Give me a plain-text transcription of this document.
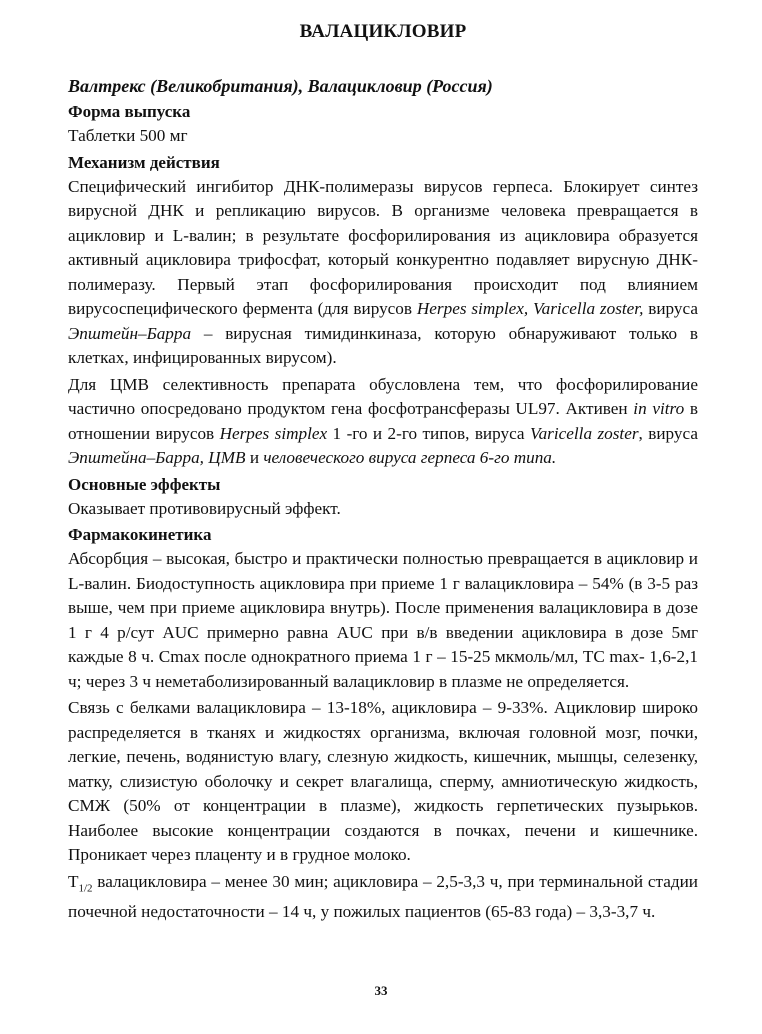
ВАЛАЦИКЛОВИР
Валтрекс (Великобритания), Валацикловир (Россия)
Форма выпуска

Таблетки 500 мг

Механизм действия

Специфический ингибитор ДНК-полимеразы вирусов герпеса. Блокирует синтез вирусной ДНК и репликацию вирусов. В организме человека превращается в ацикловир и L-валин; в результате фосфорилирования из ацикловира образуется активный ацикловира трифосфат, который конкурентно подавляет вирусную ДНК-полимеразу. Первый этап фосфорилирования происходит под влиянием вирусоспецифического фермента (для вирусов Herpes simplex, Varicella zoster, вируса Эпштейн–Барра – вирусная тимидинкиназа, которую обнаруживают только в клетках, инфицированных вирусом).

Для ЦМВ селективность препарата обусловлена тем, что фосфорилирование частично опосредовано продуктом гена фосфотрансферазы UL97. Активен in vitro в отношении вирусов Herpes simplex 1 -го и 2-го типов, вируса Varicella zoster, вируса Эпштейна–Барра, ЦМВ и человеческого вируса герпеса 6-го типа.

Основные эффекты

Оказывает противовирусный эффект.

Фармакокинетика

Абсорбция – высокая, быстро и практически полностью превращается в ацикловир и L-валин. Биодоступность ацикловира при приеме 1 г валацикловира – 54% (в 3-5 раз выше, чем при приеме ацикловира внутрь). После применения валацикловира в дозе 1 г 4 р/сут AUC примерно равна AUC при в/в введении ацикловира в дозе 5мг каждые 8 ч. Cmax после однократного приема 1 г – 15-25 мкмоль/мл, TC max- 1,6-2,1 ч; через 3 ч неметаболизированный валацикловир в плазме не определяется.

Связь с белками валацикловира – 13-18%, ацикловира – 9-33%. Ацикловир широко распределяется в тканях и жидкостях организма, включая головной мозг, почки, легкие, печень, водянистую влагу, слезную жидкость, кишечник, мышцы, селезенку, матку, слизистую оболочку и секрет влагалища, сперму, амниотическую жидкость, СМЖ (50% от концентрации в плазме), жидкость герпетических пузырьков. Наиболее высокие концентрации создаются в почках, печени и кишечнике. Проникает через плаценту и в грудное молоко.

$T_{1/2}$ валацикловира – менее 30 мин; ацикловира – 2,5-3,3 ч, при терминальной стадии почечной недостаточности – 14 ч, у пожилых пациентов (65-83 года) – 3,3-3,7 ч.

33
